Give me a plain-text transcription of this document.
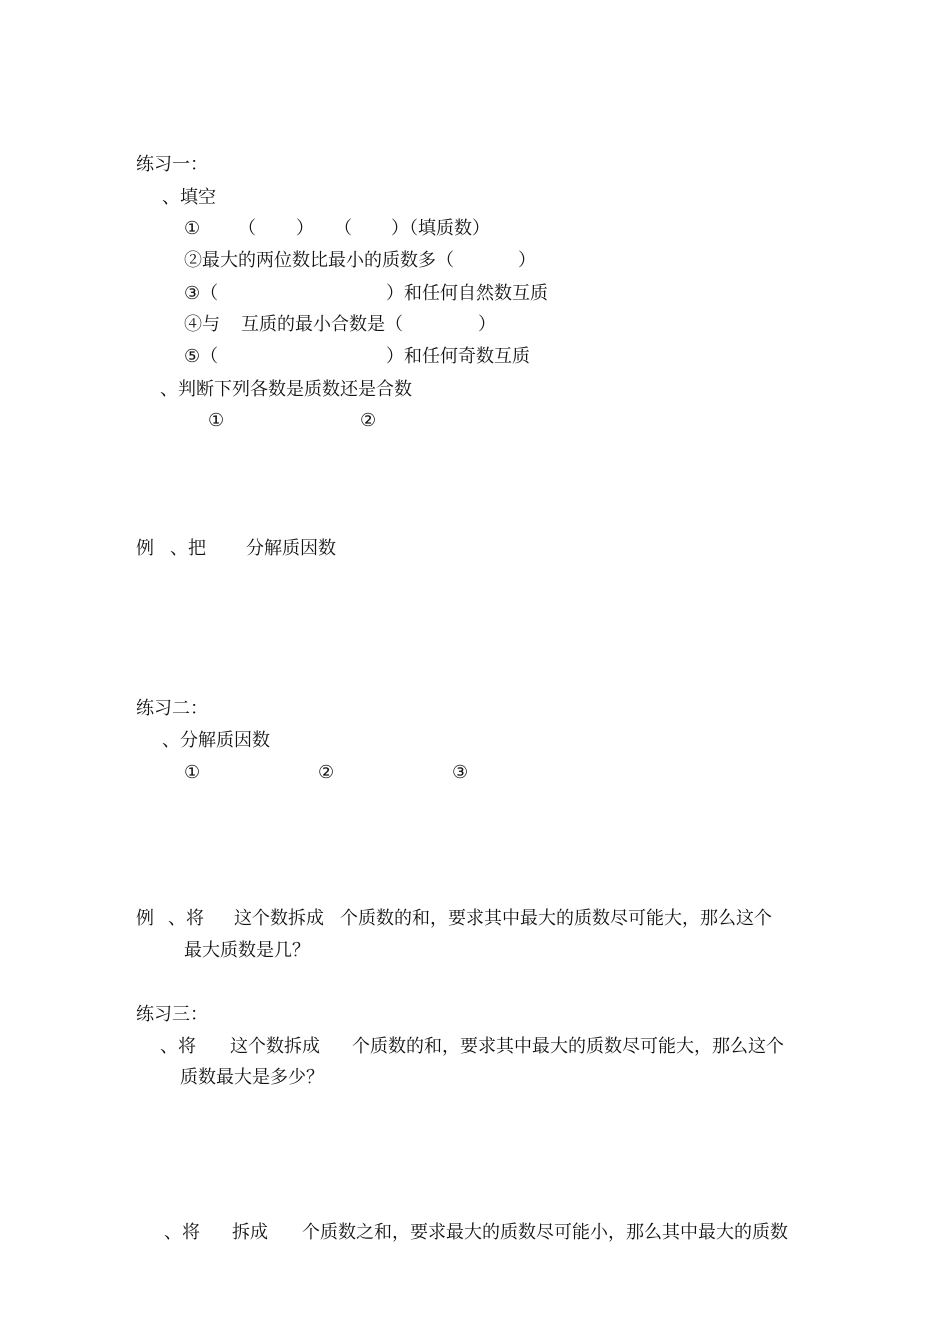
练习一：
、填空
① （ ） （ ）（填质数）
②最大的两位数比最小的质数多（	）
③（	）和任何自然数互质
④与 互质的最小合数是（	）
⑤（	）和任何奇数互质
、判断下列各数是质数还是合数
①	②
例 、把 分解质因数
练习二：
、分解质因数
①	②	③
例 、将 这个数拆成 个质数的和，要求其中最大的质数尽可能大，那么这个
最大质数是几？
练习三：
、将 这个数拆成 个质数的和，要求其中最大的质数尽可能大，那么这个
质数最大是多少？
、将 拆成 个质数之和，要求最大的质数尽可能小，那么其中最大的质数
